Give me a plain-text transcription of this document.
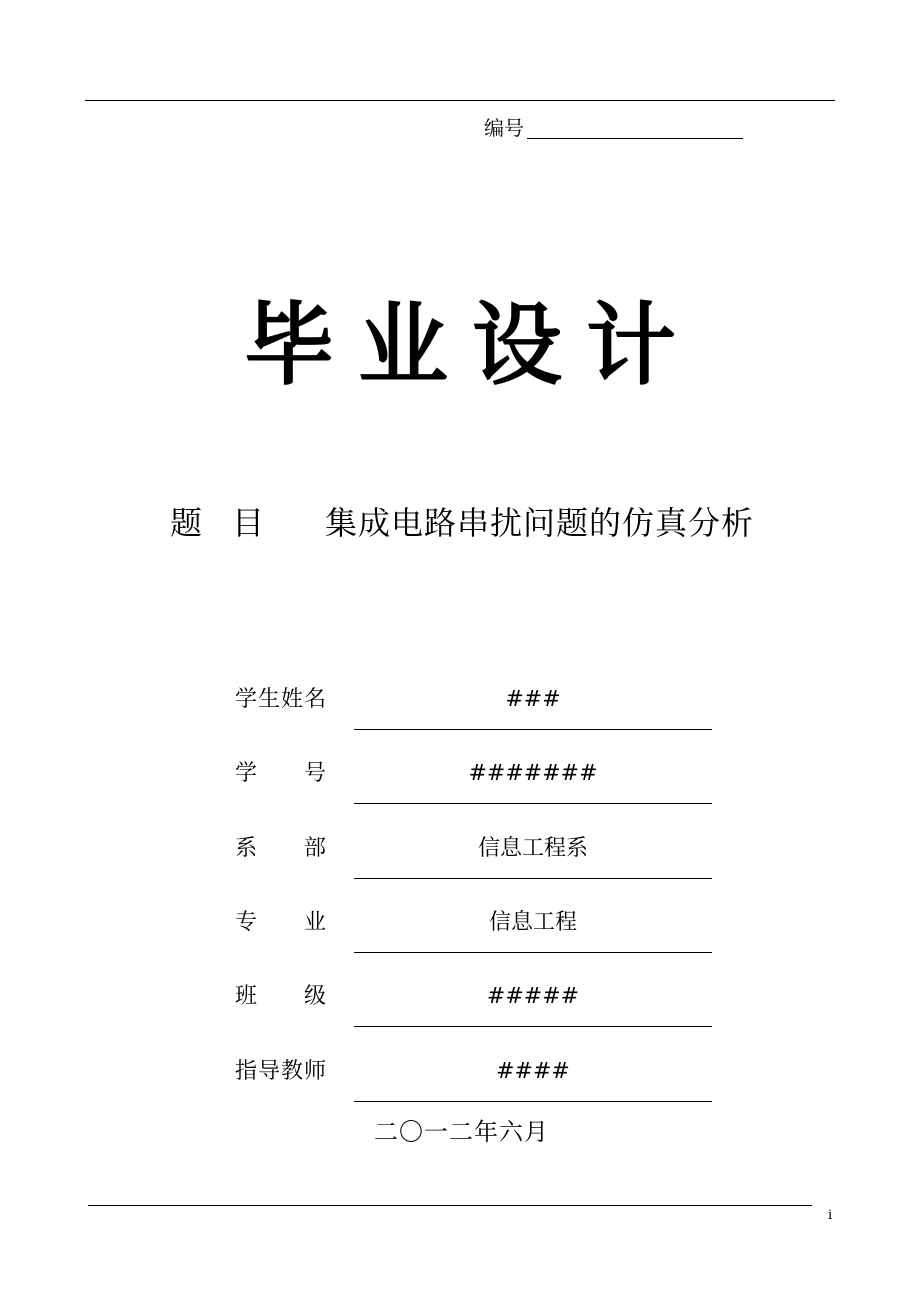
编号
毕业设计
题目 集成电路串扰问题的仿真分析
学 生 姓 名	###
学 号	#######
系 部	信息工程系
专 业	信息工程
班 级	#####
指 导 教 师	####
二〇一二年六月
i
